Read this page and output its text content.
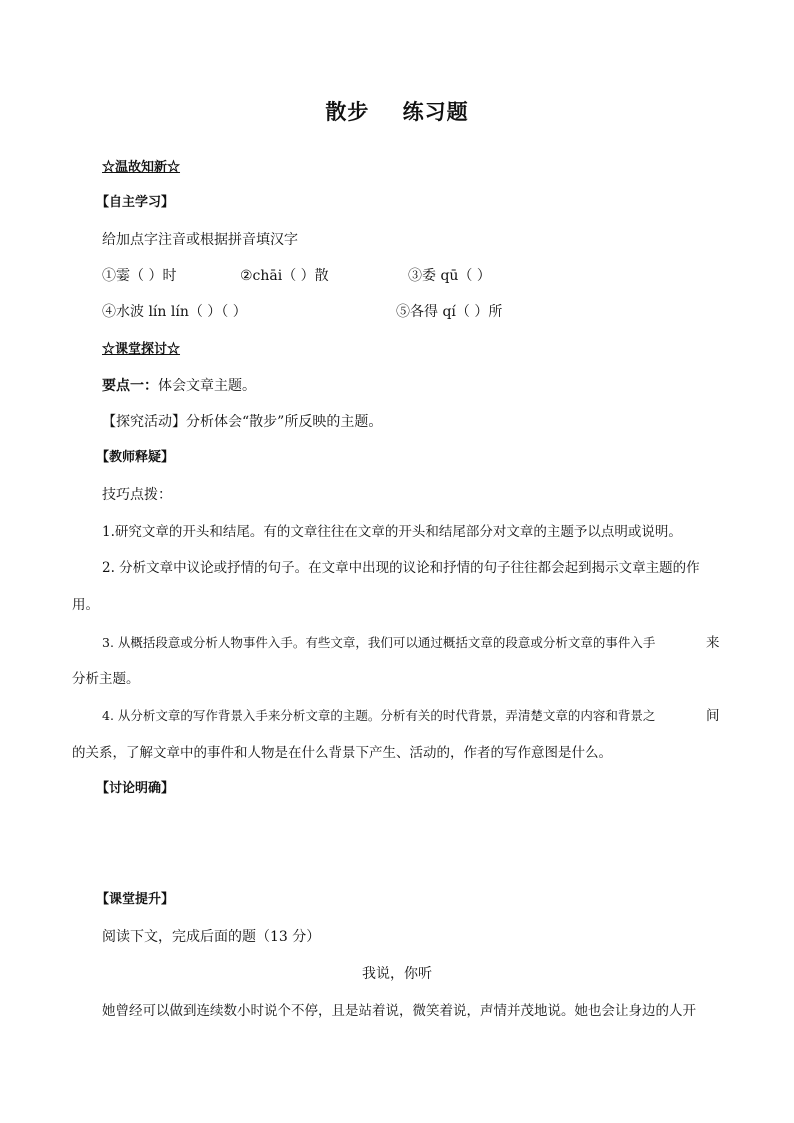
散步    练习题
☆温故知新☆
【自主学习】
给加点字注音或根据拼音填汉字
①霎（ ）时	②chāi（ ）散	③委 qū（ ）
④水波 lín lín（ ）（ ）	⑤各得 qí（ ）所
☆课堂探讨☆
要点一：体会文章主题。
【探究活动】分析体会“散步”所反映的主题。
【教师释疑】
技巧点拨：
1.研究文章的开头和结尾。有的文章往往在文章的开头和结尾部分对文章的主题予以点明或说明。
2. 分析文章中议论或抒情的句子。在文章中出现的议论和抒情的句子往往都会起到揭示文章主题的作
用。
3. 从概括段意或分析人物事件入手。有些文章，我们可以通过概括文章的段意或分析文章的事件入手	来
分析主题。
4. 从分析文章的写作背景入手来分析文章的主题。分析有关的时代背景，弄清楚文章的内容和背景之	间
的关系，了解文章中的事件和人物是在什么背景下产生、活动的，作者的写作意图是什么。
【讨论明确】
【课堂提升】
阅读下文，完成后面的题（13 分）
我说，你听
她曾经可以做到连续数小时说个不停，且是站着说，微笑着说，声情并茂地说。她也会让身边的人开
